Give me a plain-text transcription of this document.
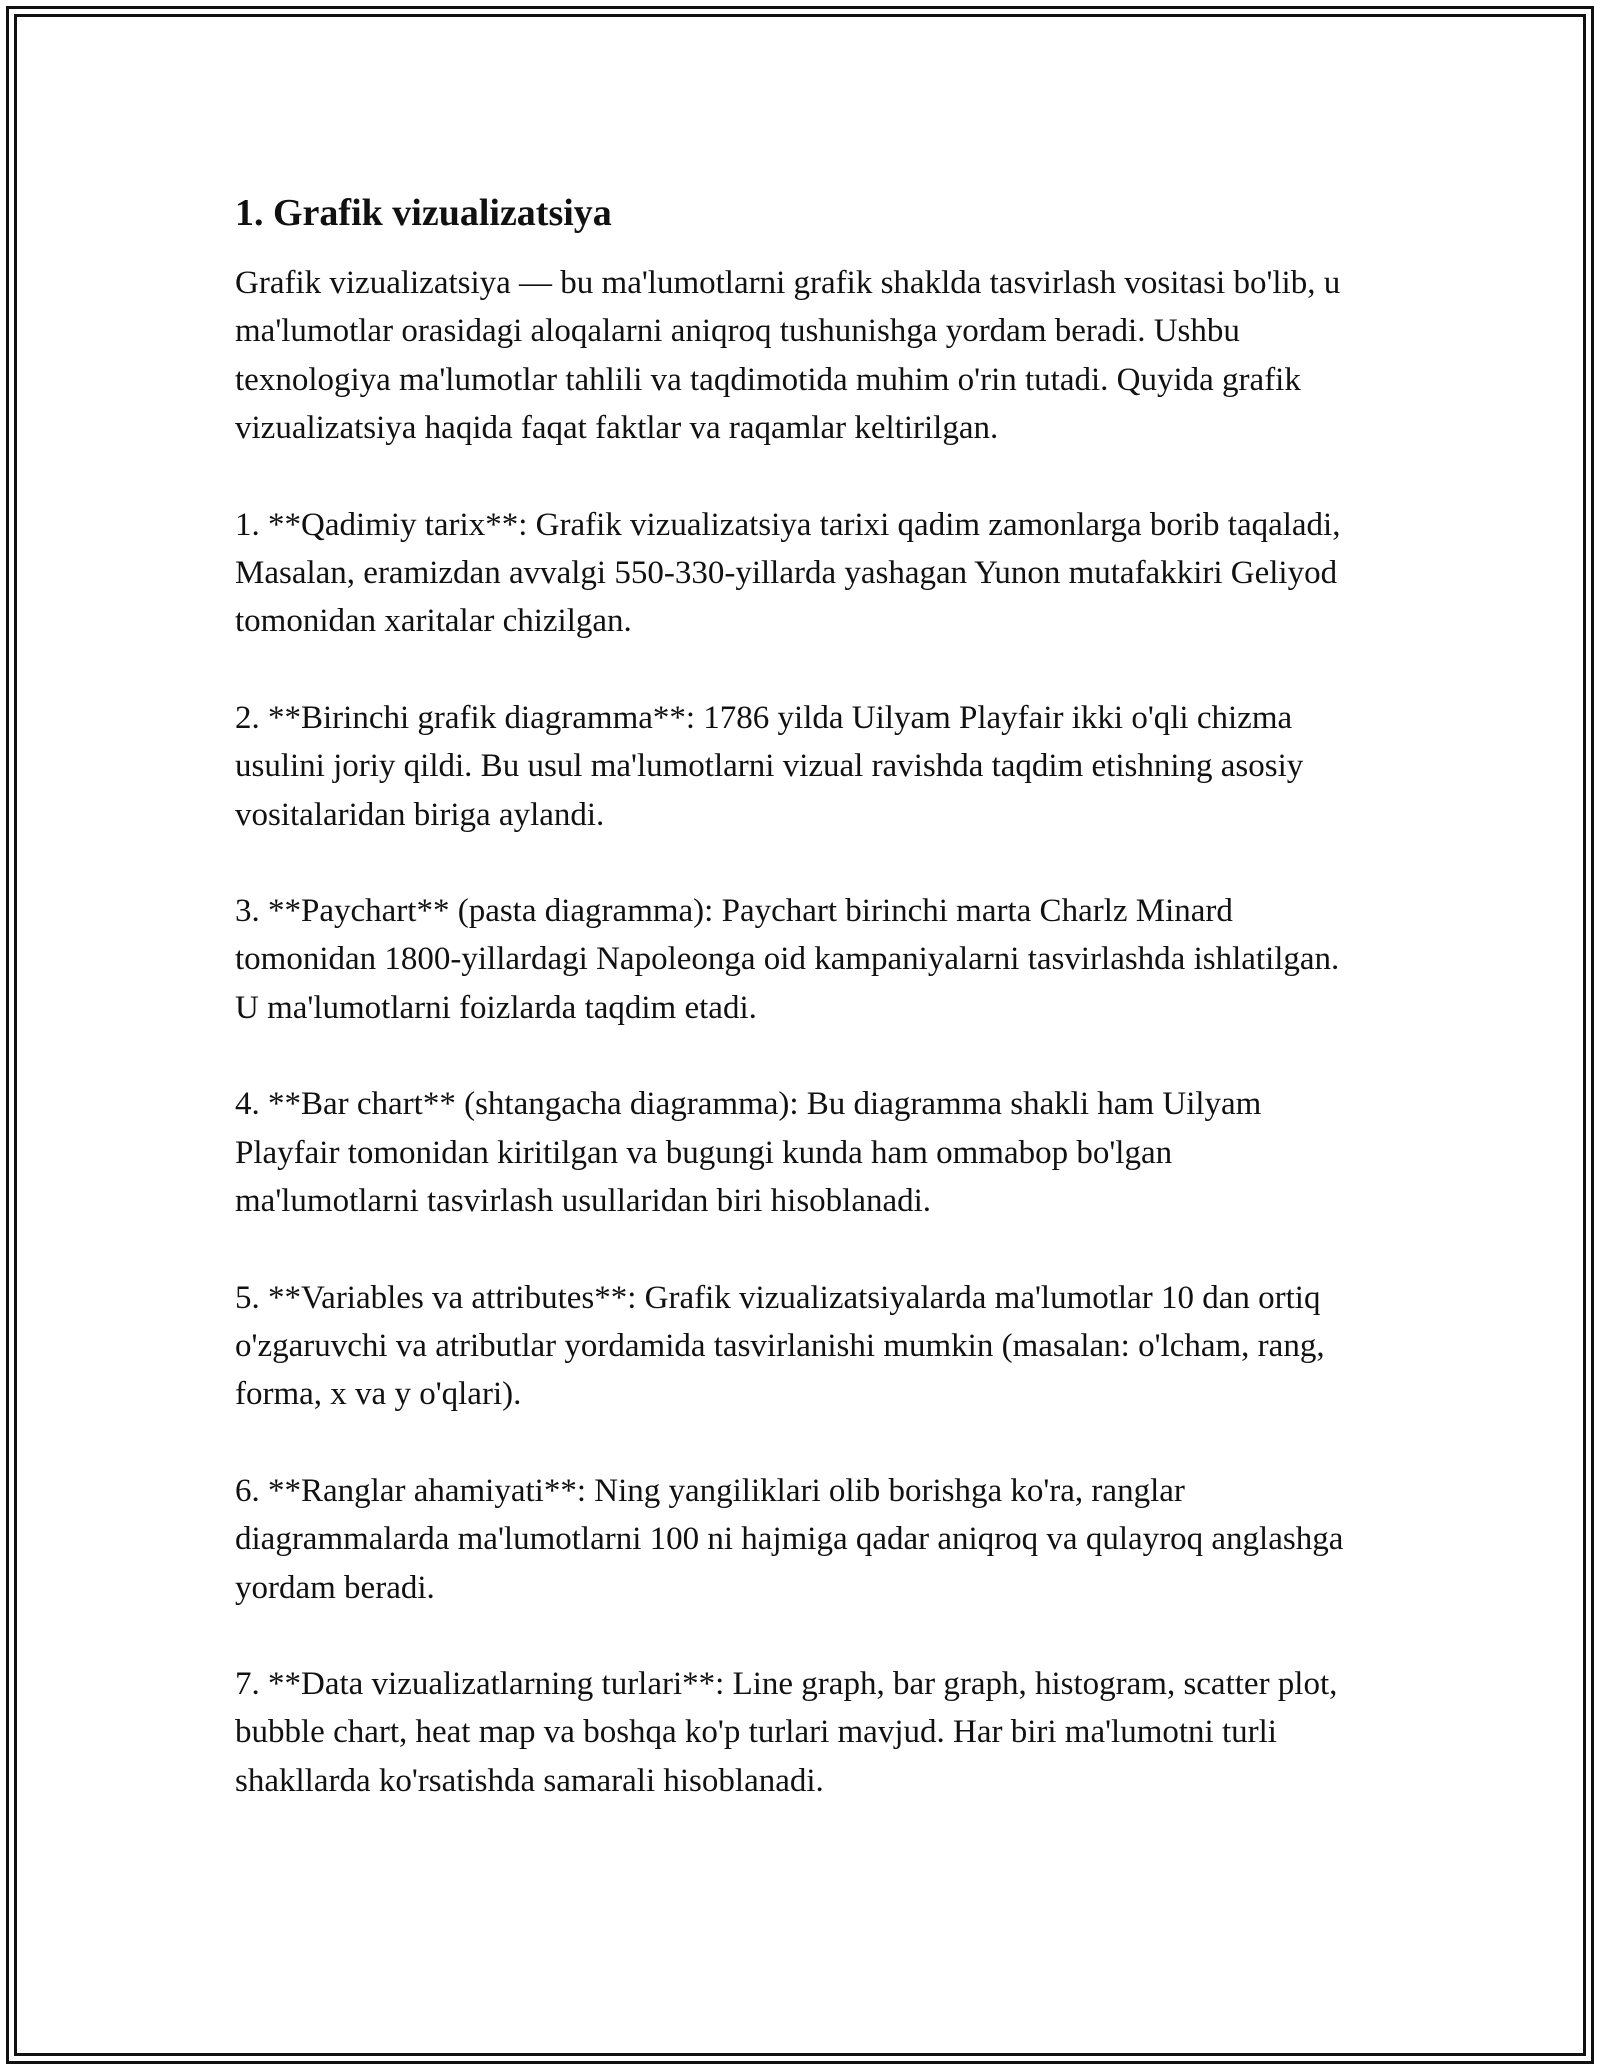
1. Grafik vizualizatsiya

Grafik vizualizatsiya — bu ma'lumotlarni grafik shaklda tasvirlash vositasi bo'lib, u ma'lumotlar orasidagi aloqalarni aniqroq tushunishga yordam beradi. Ushbu texnologiya ma'lumotlar tahlili va taqdimotida muhim o'rin tutadi. Quyida grafik vizualizatsiya haqida faqat faktlar va raqamlar keltirilgan.

1. **Qadimiy tarix**: Grafik vizualizatsiya tarixi qadim zamonlarga borib taqaladi, Masalan, eramizdan avvalgi 550-330-yillarda yashagan Yunon mutafakkiri Geliyod tomonidan xaritalar chizilgan.

2. **Birinchi grafik diagramma**: 1786 yilda Uilyam Playfair ikki o'qli chizma usulini joriy qildi. Bu usul ma'lumotlarni vizual ravishda taqdim etishning asosiy vositalaridan biriga aylandi.

3. **Paychart** (pasta diagramma): Paychart birinchi marta Charlz Minard tomonidan 1800-yillardagi Napoleonga oid kampaniyalarni tasvirlashda ishlatilgan. U ma'lumotlarni foizlarda taqdim etadi.

4. **Bar chart** (shtangacha diagramma): Bu diagramma shakli ham Uilyam Playfair tomonidan kiritilgan va bugungi kunda ham ommabop bo'lgan ma'lumotlarni tasvirlash usullaridan biri hisoblanadi.

5. **Variables va attributes**: Grafik vizualizatsiyalarda ma'lumotlar 10 dan ortiq o'zgaruvchi va atributlar yordamida tasvirlanishi mumkin (masalan: o'lcham, rang, forma, x va y o'qlari).

6. **Ranglar ahamiyati**: Ning yangiliklari olib borishga ko'ra, ranglar diagrammalarda ma'lumotlarni 100 ni hajmiga qadar aniqroq va qulayroq anglashga yordam beradi.

7. **Data vizualizatlarning turlari**: Line graph, bar graph, histogram, scatter plot, bubble chart, heat map va boshqa ko'p turlari mavjud. Har biri ma'lumotni turli shakllarda ko'rsatishda samarali hisoblanadi.
